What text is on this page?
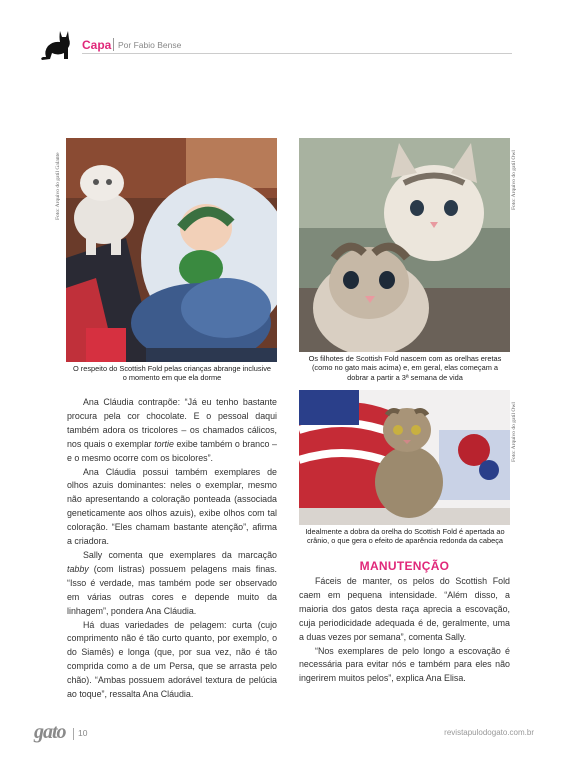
Capa Por Fabio Bense
Foto: Arquivo do gatil Galante
O respeito do Scottish Fold pelas crianças abrange inclusive o momento em que ela dorme
Foto: Arquivo do gatil Owl
Os filhotes de Scottish Fold nascem com as orelhas eretas (como no gato mais acima) e, em geral, elas começam a dobrar a partir a 3ª semana de vida
Foto: Arquivo do gatil Owl
Idealmente a dobra da orelha do Scottish Fold é apertada ao crânio, o que gera o efeito de aparência redonda da cabeça

Ana Cláudia contrapõe: “Já eu tenho bastante procura pela cor chocolate. E o pessoal daqui também adora os tricolores – os chamados cálicos, nos quais o exemplar tortie exibe também o branco – e o mesmo ocorre com os bicolores”.

Ana Cláudia possui também exemplares de olhos azuis dominantes: neles o exemplar, mesmo não apresentando a coloração ponteada (associada geneticamente aos olhos azuis), exibe olhos com tal coloração. “Eles chamam bastante atenção”, afirma a criadora.

Sally comenta que exemplares da marcação tabby (com listras) possuem pelagens mais finas. “Isso é verdade, mas também pode ser observado em várias outras cores e depende muito da linhagem”, pondera Ana Cláudia.

Há duas variedades de pelagem: curta (cujo comprimento não é tão curto quanto, por exemplo, o do Siamês) e longa (que, por sua vez, não é tão comprida como a de um Persa, que se arrasta pelo chão). “Ambas possuem adorável textura de pelúcia ao toque”, ressalta Ana Cláudia.

MANUTENÇÃO

Fáceis de manter, os pelos do Scottish Fold caem em pequena intensidade. “Além disso, a maioria dos gatos desta raça aprecia a escovação, cuja periodicidade adequada é de, geralmente, uma a duas vezes por semana”, comenta Sally.

“Nos exemplares de pelo longo a escovação é necessária para evitar nós e também para eles não ingerirem muitos pelos”, explica Ana Elisa.

gato 10	revistapulodogato.com.br
